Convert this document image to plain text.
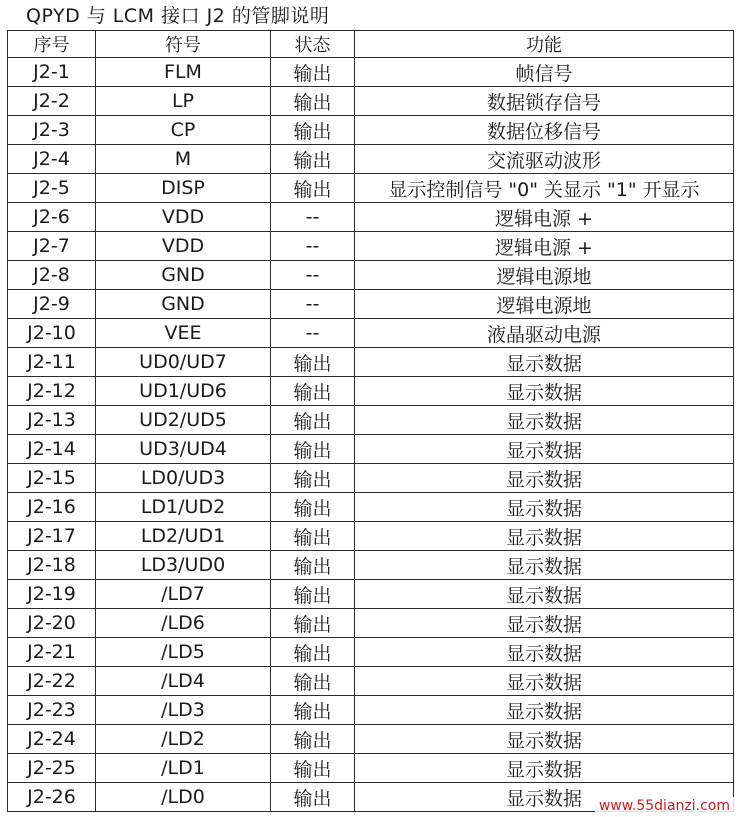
QPYD 与 LCM 接口 J2 的管脚说明
序号	符号	状态	功能
J2-1	FLM	输出	帧信号
J2-2	LP	输出	数据锁存信号
J2-3	CP	输出	数据位移信号
J2-4	M	输出	交流驱动波形
J2-5	DISP	输出	显示控制信号 "0" 关显示 "1" 开显示
J2-6	VDD	--	逻辑电源 +
J2-7	VDD	--	逻辑电源 +
J2-8	GND	--	逻辑电源地
J2-9	GND	--	逻辑电源地
J2-10	VEE	--	液晶驱动电源
J2-11	UD0/UD7	输出	显示数据
J2-12	UD1/UD6	输出	显示数据
J2-13	UD2/UD5	输出	显示数据
J2-14	UD3/UD4	输出	显示数据
J2-15	LD0/UD3	输出	显示数据
J2-16	LD1/UD2	输出	显示数据
J2-17	LD2/UD1	输出	显示数据
J2-18	LD3/UD0	输出	显示数据
J2-19	/LD7	输出	显示数据
J2-20	/LD6	输出	显示数据
J2-21	/LD5	输出	显示数据
J2-22	/LD4	输出	显示数据
J2-23	/LD3	输出	显示数据
J2-24	/LD2	输出	显示数据
J2-25	/LD1	输出	显示数据
J2-26	/LD0	输出	显示数据 www.55dianzi.com
